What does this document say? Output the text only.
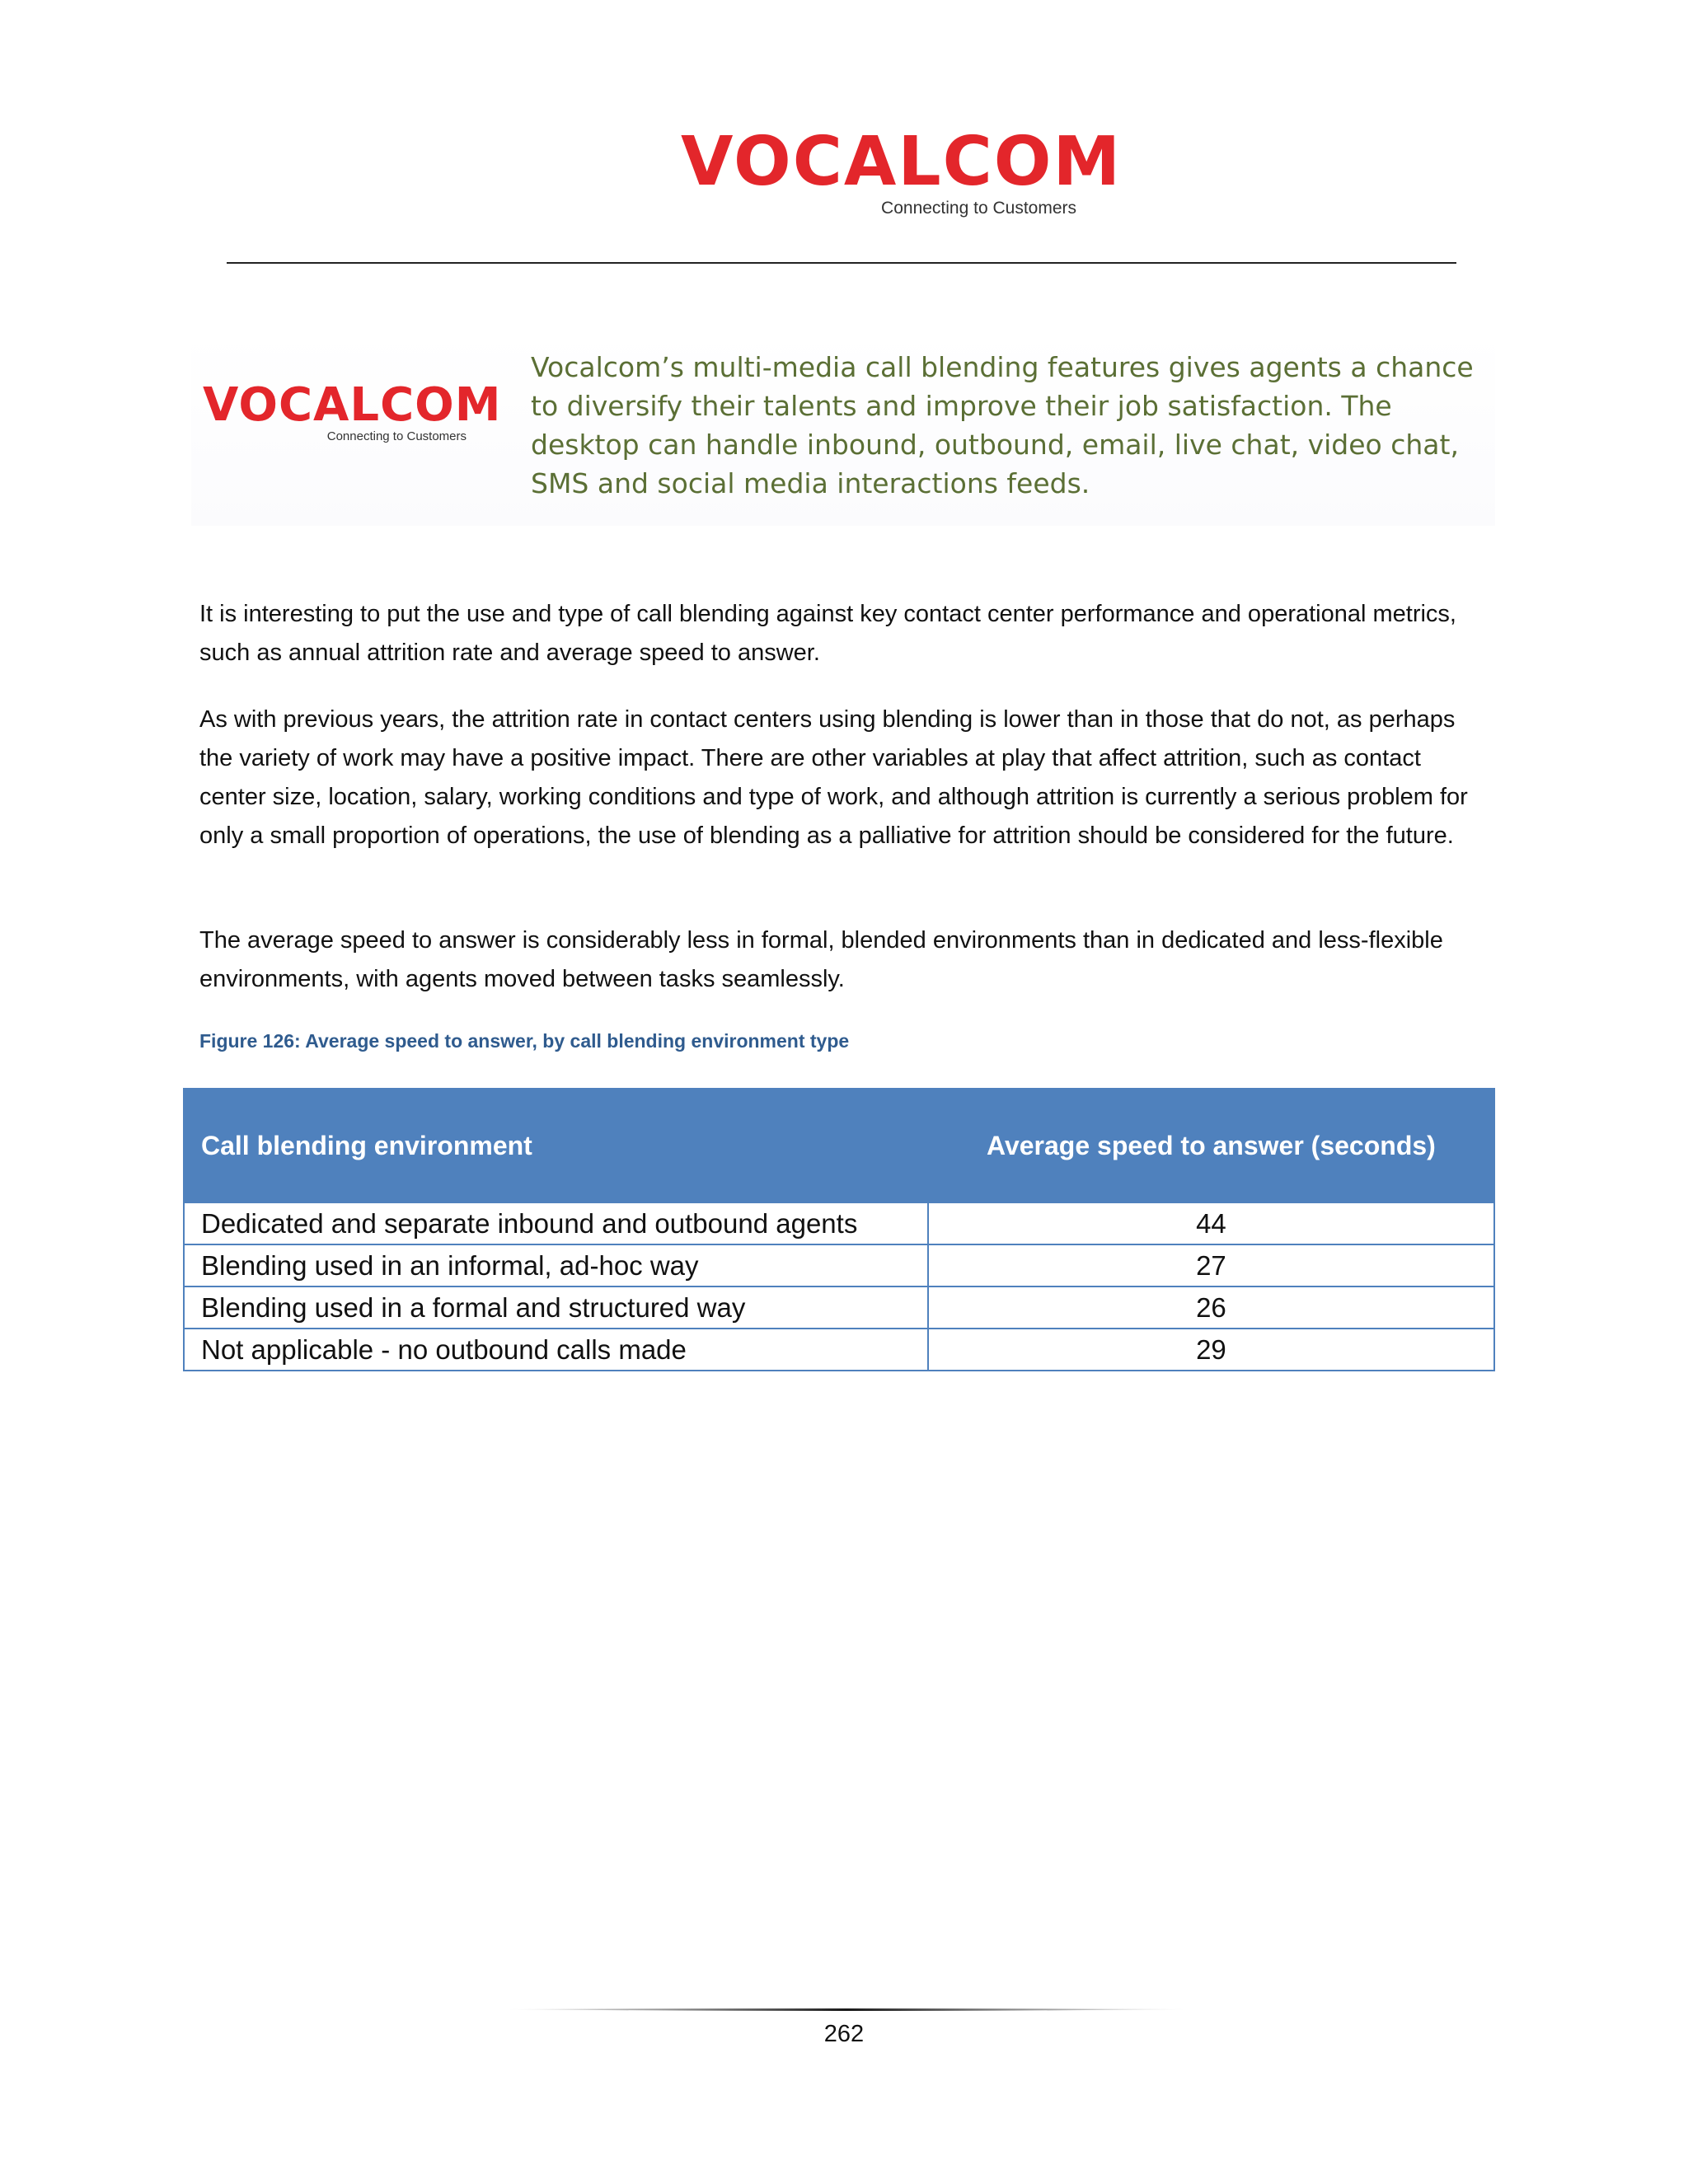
VOCALCOM
Connecting to Customers
VOCALCOM
Connecting to Customers
Vocalcom’s multi-media call blending features gives agents a chance to diversify their talents and improve their job satisfaction. The desktop can handle inbound, outbound, email, live chat, video chat, SMS and social media interactions feeds.

It is interesting to put the use and type of call blending against key contact center performance and operational metrics, such as annual attrition rate and average speed to answer.

As with previous years, the attrition rate in contact centers using blending is lower than in those that do not, as perhaps the variety of work may have a positive impact. There are other variables at play that affect attrition, such as contact center size, location, salary, working conditions and type of work, and although attrition is currently a serious problem for only a small proportion of operations, the use of blending as a palliative for attrition should be considered for the future.

The average speed to answer is considerably less in formal, blended environments than in dedicated and less-flexible environments, with agents moved between tasks seamlessly.

Figure 126: Average speed to answer, by call blending environment type
Call blending environment	Average speed to answer (seconds)
Dedicated and separate inbound and outbound agents	44
Blending used in an informal, ad-hoc way	27
Blending used in a formal and structured way	26
Not applicable - no outbound calls made	29
262
